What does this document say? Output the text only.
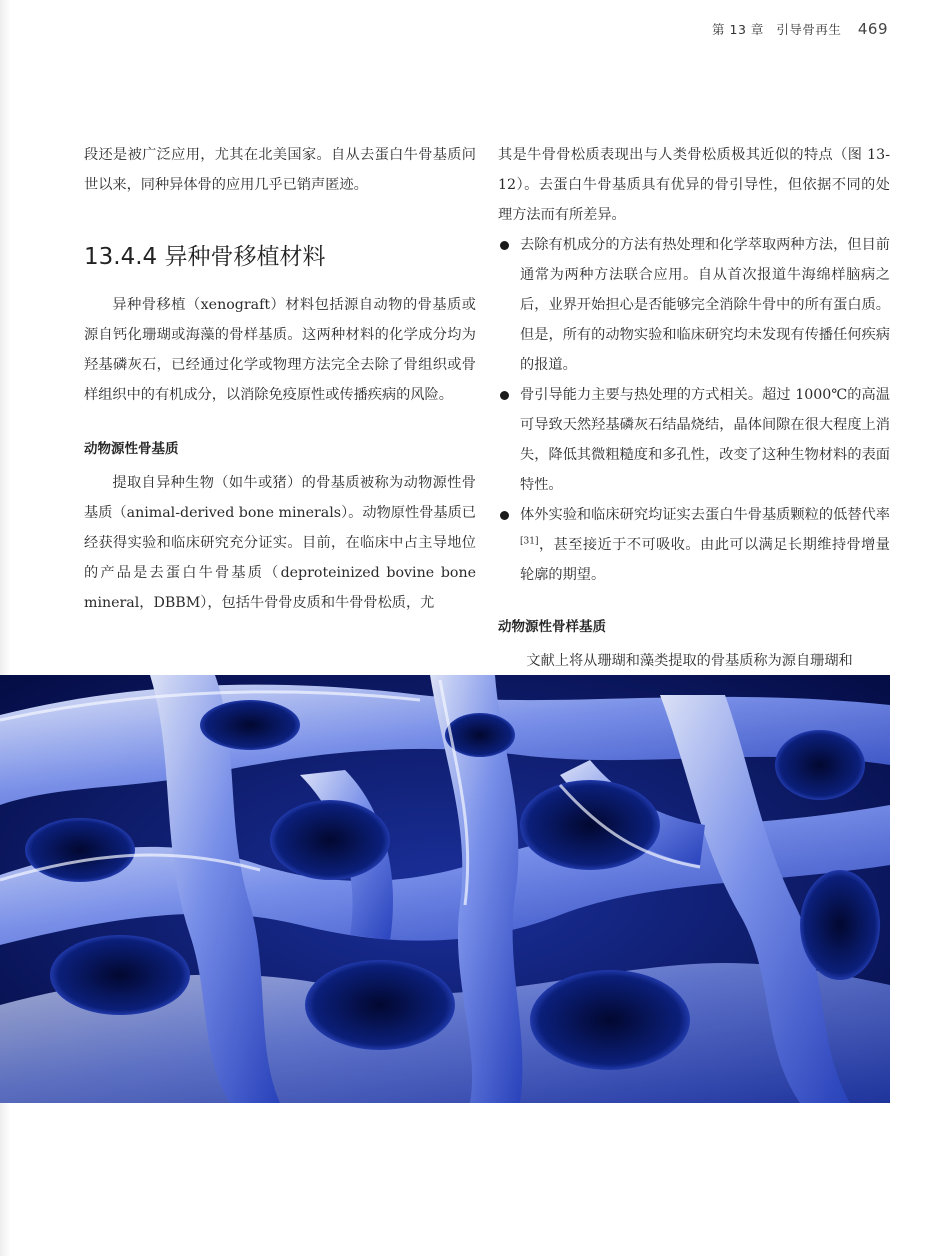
第 13 章 引导骨再生 469

段还是被广泛应用，尤其在北美国家。自从去蛋白牛骨基质问世以来，同种异体骨的应用几乎已销声匿迹。

13.4.4 异种骨移植材料

异种骨移植（xenograft）材料包括源自动物的骨基质或源自钙化珊瑚或海藻的骨样基质。这两种材料的化学成分均为羟基磷灰石，已经通过化学或物理方法完全去除了骨组织或骨样组织中的有机成分，以消除免疫原性或传播疾病的风险。

动物源性骨基质

提取自异种生物（如牛或猪）的骨基质被称为动物源性骨基质（animal-derived bone minerals）。动物原性骨基质已经获得实验和临床研究充分证实。目前，在临床中占主导地位的产品是去蛋白牛骨基质（deproteinized bovine bone mineral，DBBM），包括牛骨骨皮质和牛骨骨松质，尤

其是牛骨骨松质表现出与人类骨松质极其近似的特点（图 13-12）。去蛋白牛骨基质具有优异的骨引导性，但依据不同的处理方法而有所差异。

去除有机成分的方法有热处理和化学萃取两种方法，但目前通常为两种方法联合应用。自从首次报道牛海绵样脑病之后，业界开始担心是否能够完全消除牛骨中的所有蛋白质。但是，所有的动物实验和临床研究均未发现有传播任何疾病的报道。

骨引导能力主要与热处理的方式相关。超过 1000℃的高温可导致天然羟基磷灰石结晶烧结，晶体间隙在很大程度上消失，降低其微粗糙度和多孔性，改变了这种生物材料的表面特性。

体外实验和临床研究均证实去蛋白牛骨基质颗粒的低替代率[31]，甚至接近于不可吸收。由此可以满足长期维持骨增量轮廓的期望。

动物源性骨样基质

文献上将从珊瑚和藻类提取的骨基质称为源自珊瑚和
